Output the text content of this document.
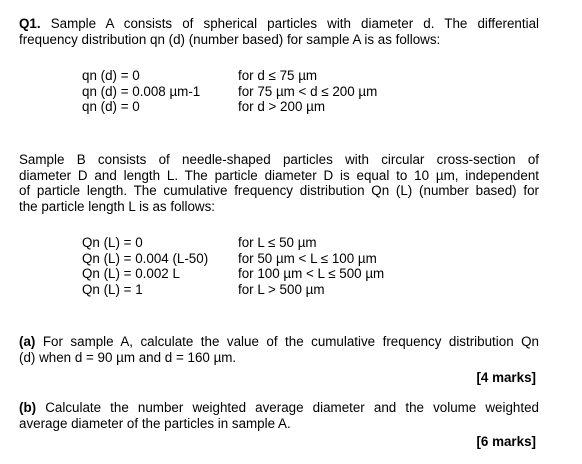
Q1. Sample A consists of spherical particles with diameter d. The differential
frequency distribution qn (d) (number based) for sample A is as follows:
qn (d) = 0
qn (d) = 0.008 µm-1
qn (d) = 0
for d ≤ 75 µm
for 75 µm < d ≤ 200 µm
for d > 200 µm
Sample B consists of needle-shaped particles with circular cross-section of
diameter D and length L. The particle diameter D is equal to 10 µm, independent
of particle length. The cumulative frequency distribution Qn (L) (number based) for
the particle length L is as follows:
Qn (L) = 0
Qn (L) = 0.004 (L-50)
Qn (L) = 0.002 L
Qn (L) = 1
for L ≤ 50 µm
for 50 µm < L ≤ 100 µm
for 100 µm < L ≤ 500 µm
for L > 500 µm
(a) For sample A, calculate the value of the cumulative frequency distribution Qn
(d) when d = 90 µm and d = 160 µm.
[4 marks]
(b) Calculate the number weighted average diameter and the volume weighted
average diameter of the particles in sample A.
[6 marks]
